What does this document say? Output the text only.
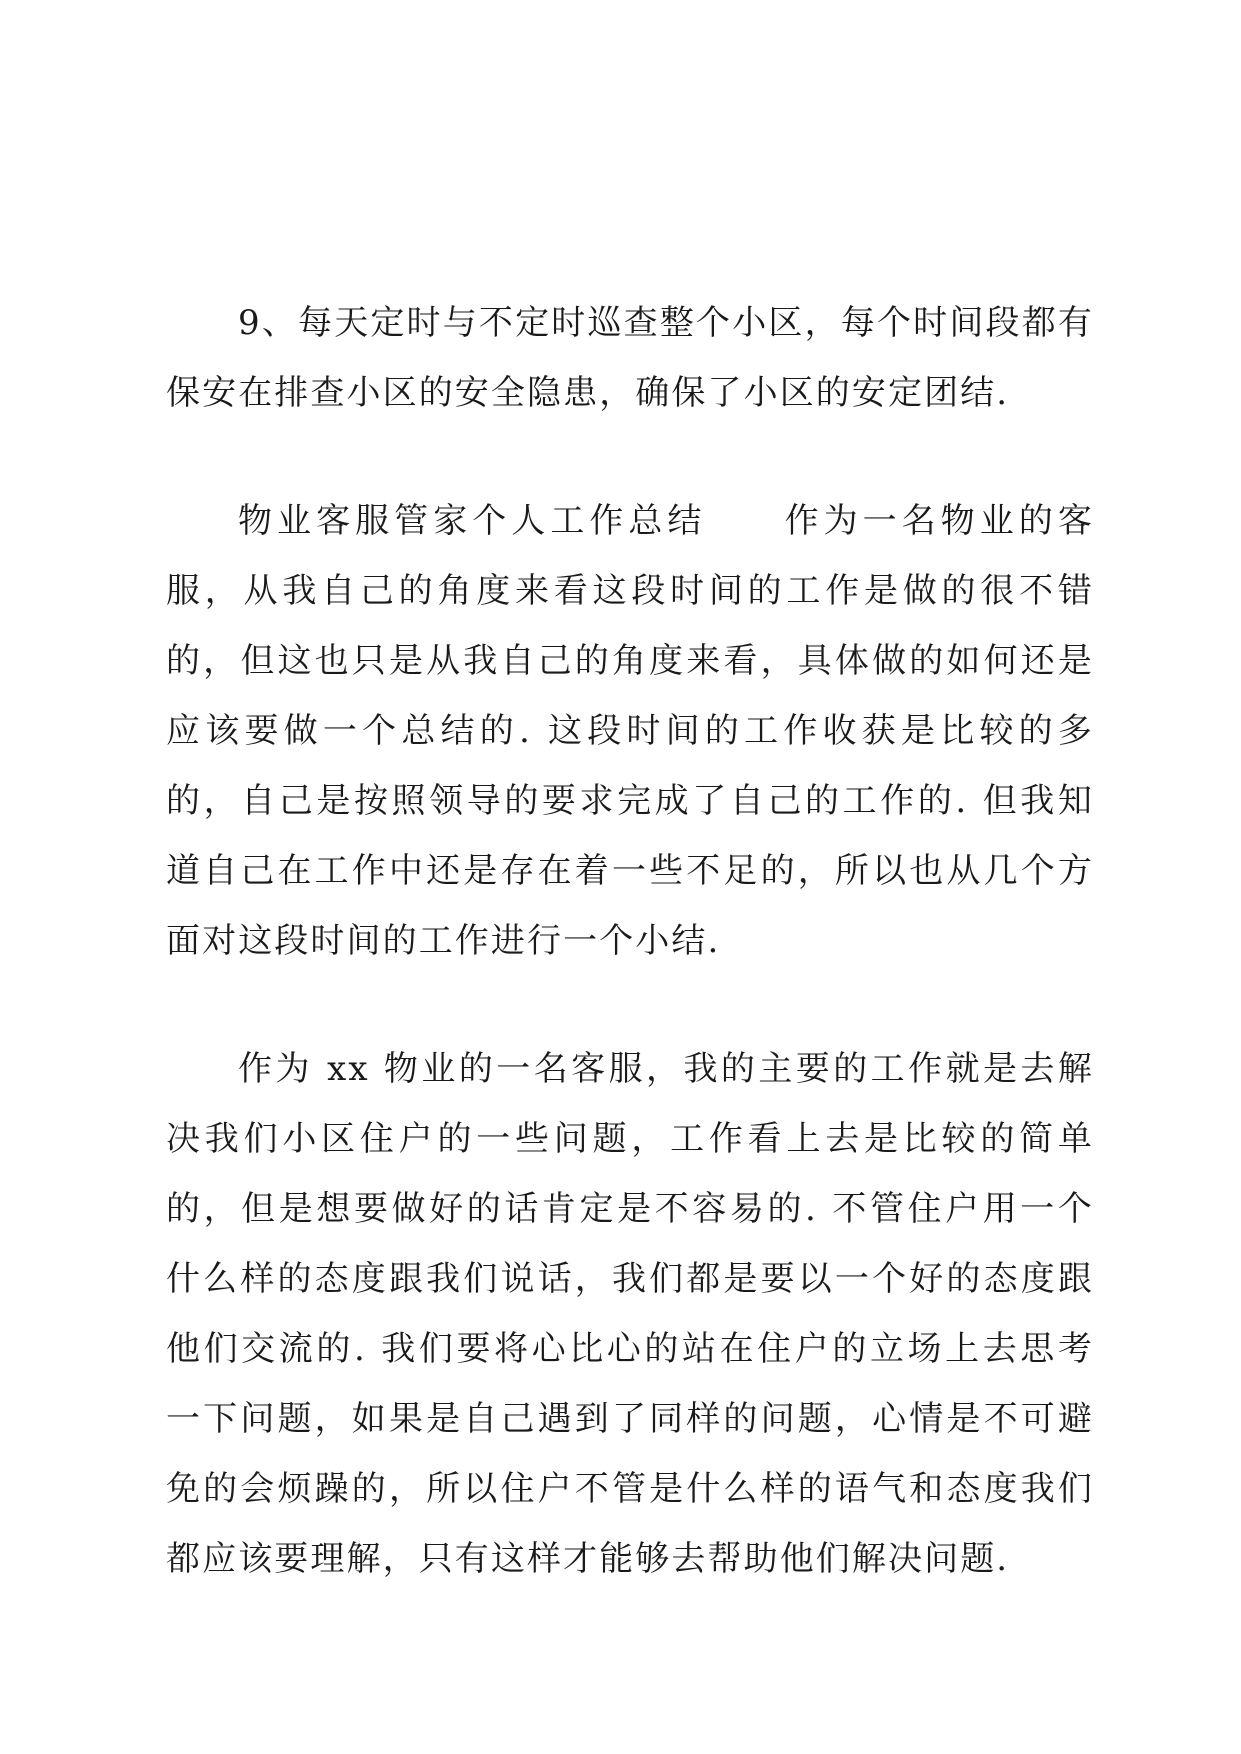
9、每天定时与不定时巡查整个小区，每个时间段都有保安在排查小区的安全隐患，确保了小区的安定团结.

物业客服管家个人工作总结　　作为一名物业的客服，从我自己的角度来看这段时间的工作是做的很不错的，但这也只是从我自己的角度来看，具体做的如何还是应该要做一个总结的. 这段时间的工作收获是比较的多的，自己是按照领导的要求完成了自己的工作的. 但我知道自己在工作中还是存在着一些不足的，所以也从几个方面对这段时间的工作进行一个小结.

作为 xx 物业的一名客服，我的主要的工作就是去解决我们小区住户的一些问题，工作看上去是比较的简单的，但是想要做好的话肯定是不容易的. 不管住户用一个什么样的态度跟我们说话，我们都是要以一个好的态度跟他们交流的. 我们要将心比心的站在住户的立场上去思考一下问题，如果是自己遇到了同样的问题，心情是不可避免的会烦躁的，所以住户不管是什么样的语气和态度我们都应该要理解，只有这样才能够去帮助他们解决问题.
